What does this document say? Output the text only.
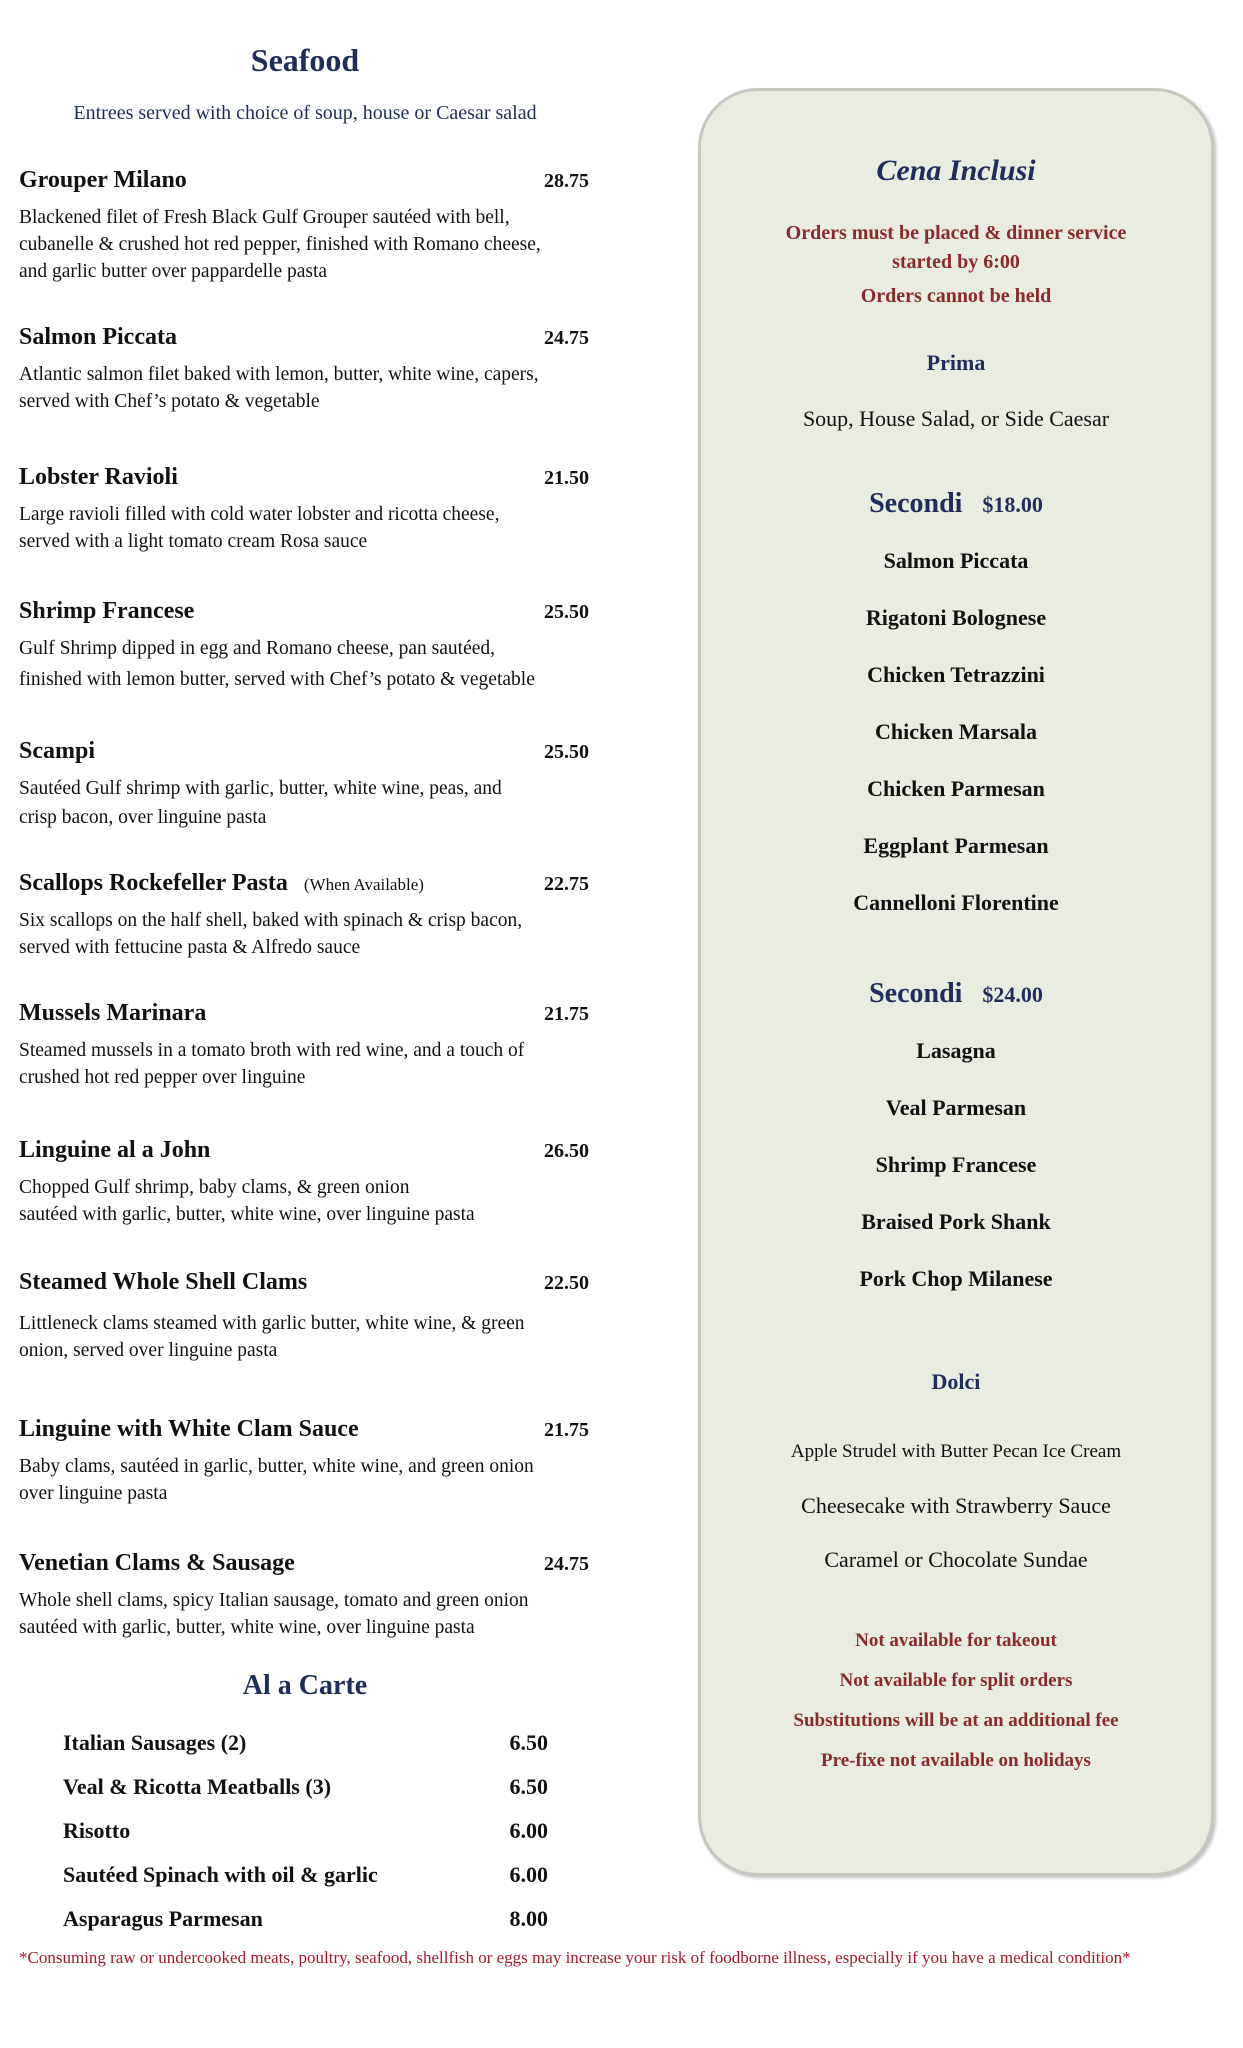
Seafood
Entrees served with choice of soup, house or Caesar salad
Grouper Milano	28.75
Blackened filet of Fresh Black Gulf Grouper sautéed with bell,
cubanelle & crushed hot red pepper, finished with Romano cheese,
and garlic butter over pappardelle pasta
Salmon Piccata	24.75
Atlantic salmon filet baked with lemon, butter, white wine, capers,
served with Chef’s potato & vegetable
Lobster Ravioli	21.50
Large ravioli filled with cold water lobster and ricotta cheese,
served with a light tomato cream Rosa sauce
Shrimp Francese	25.50
Gulf Shrimp dipped in egg and Romano cheese, pan sautéed,
finished with lemon butter, served with Chef’s potato & vegetable
Scampi	25.50
Sautéed Gulf shrimp with garlic, butter, white wine, peas, and
crisp bacon, over linguine pasta
Scallops Rockefeller Pasta (When Available)	22.75
Six scallops on the half shell, baked with spinach & crisp bacon,
served with fettucine pasta & Alfredo sauce
Mussels Marinara	21.75
Steamed mussels in a tomato broth with red wine, and a touch of
crushed hot red pepper over linguine
Linguine al a John	26.50
Chopped Gulf shrimp, baby clams, & green onion
sautéed with garlic, butter, white wine, over linguine pasta
Steamed Whole Shell Clams	22.50
Littleneck clams steamed with garlic butter, white wine, & green
onion, served over linguine pasta
Linguine with White Clam Sauce	21.75
Baby clams, sautéed in garlic, butter, white wine, and green onion
over linguine pasta
Venetian Clams & Sausage	24.75
Whole shell clams, spicy Italian sausage, tomato and green onion
sautéed with garlic, butter, white wine, over linguine pasta
Al a Carte
Italian Sausages (2)	6.50
Veal & Ricotta Meatballs (3)	6.50
Risotto	6.00
Sautéed Spinach with oil & garlic	6.00
Asparagus Parmesan	8.00
*Consuming raw or undercooked meats, poultry, seafood, shellfish or eggs may increase your risk of foodborne illness, especially if you have a medical condition*
Cena Inclusi
Orders must be placed & dinner service
started by 6:00
Orders cannot be held
Prima
Soup, House Salad, or Side Caesar
Secondi $18.00
Salmon Piccata
Rigatoni Bolognese
Chicken Tetrazzini
Chicken Marsala
Chicken Parmesan
Eggplant Parmesan
Cannelloni Florentine
Secondi $24.00
Lasagna
Veal Parmesan
Shrimp Francese
Braised Pork Shank
Pork Chop Milanese
Dolci
Apple Strudel with Butter Pecan Ice Cream
Cheesecake with Strawberry Sauce
Caramel or Chocolate Sundae
Not available for takeout
Not available for split orders
Substitutions will be at an additional fee
Pre-fixe not available on holidays
